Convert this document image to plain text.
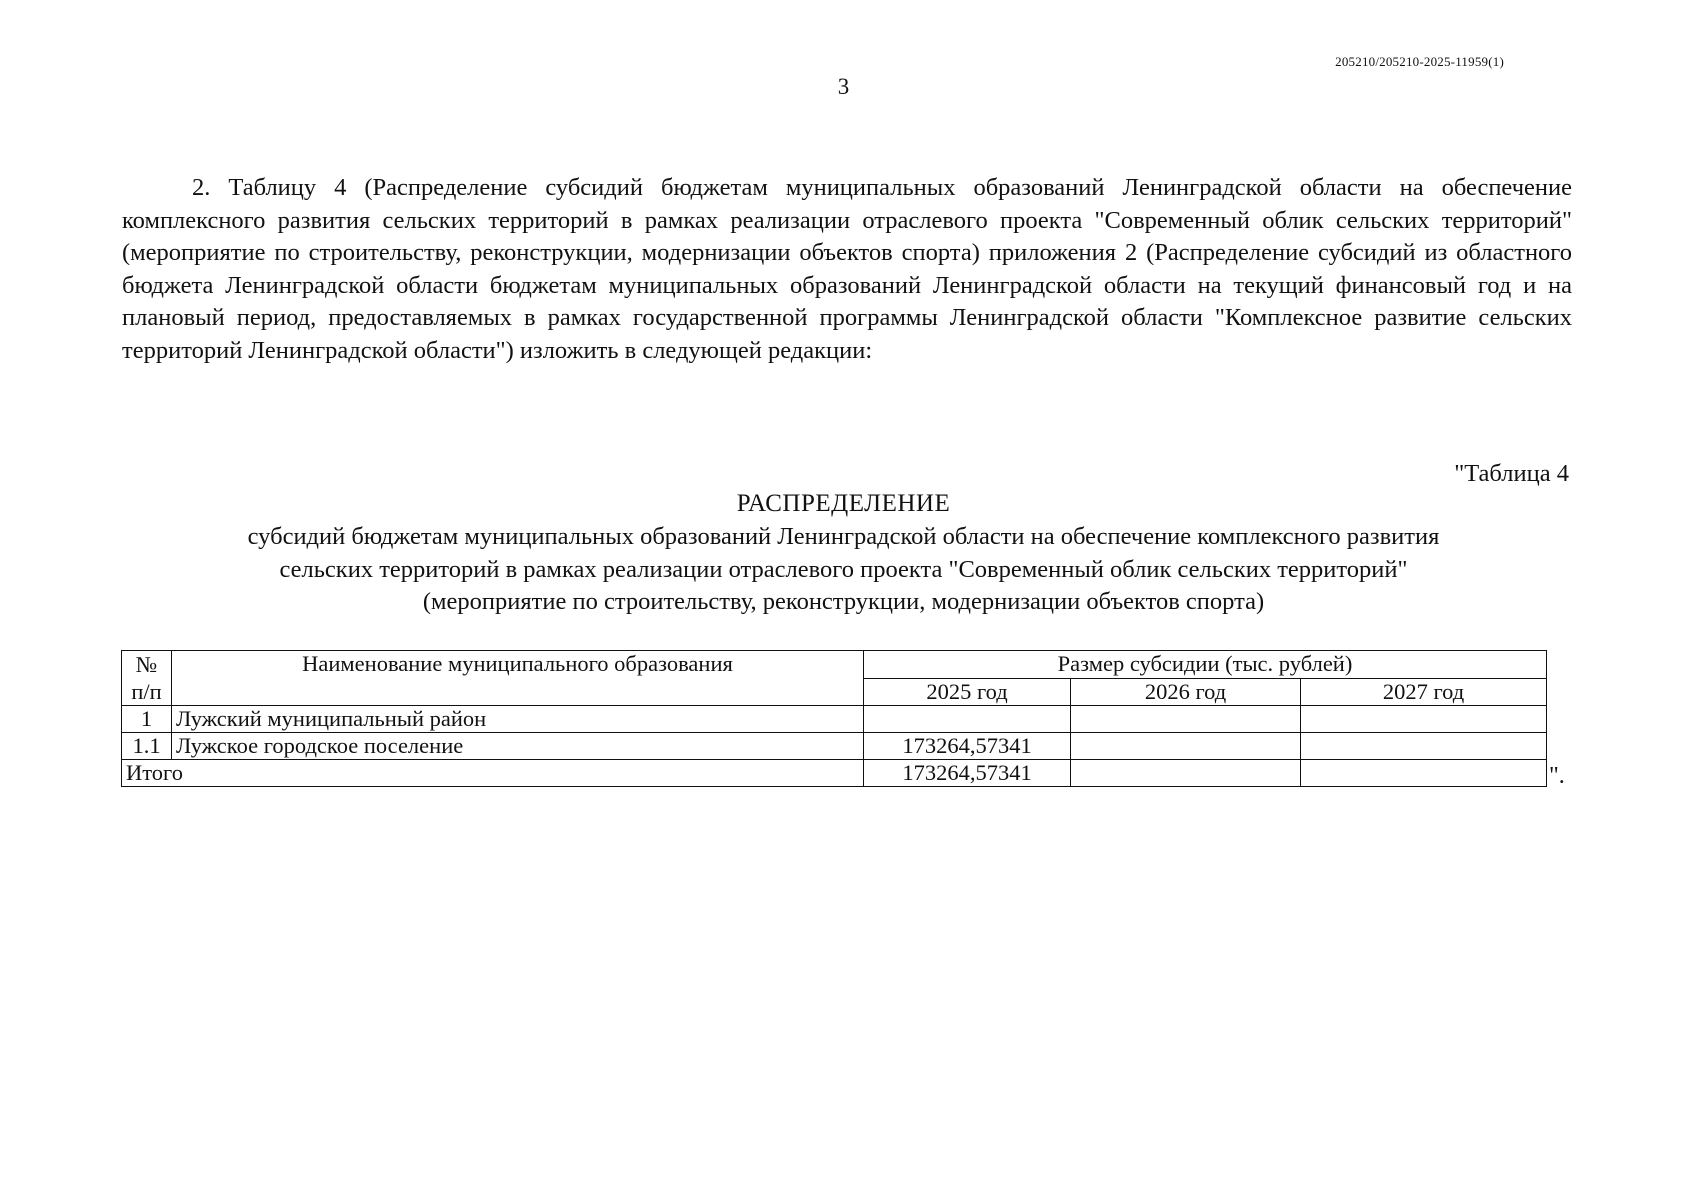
205210/205210-2025-11959(1)
3
2. Таблицу 4 (Распределение субсидий бюджетам муниципальных образований Ленинградской области на обеспечение комплексного развития сельских территорий в рамках реализации отраслевого проекта "Современный облик сельских территорий" (мероприятие по строительству, реконструкции, модернизации объектов спорта) приложения 2 (Распределение субсидий из областного бюджета Ленинградской области бюджетам муниципальных образований Ленинградской области на текущий финансовый год и на плановый период, предоставляемых в рамках государственной программы Ленинградской области "Комплексное развитие сельских территорий Ленинградской области") изложить в следующей редакции:
"Таблица 4
РАСПРЕДЕЛЕНИЕ
субсидий бюджетам муниципальных образований Ленинградской области на обеспечение комплексного развития
сельских территорий в рамках реализации отраслевого проекта "Современный облик сельских территорий"
(мероприятие по строительству, реконструкции, модернизации объектов спорта)
№
п/п	Наименование муниципального образования	Размер субсидии (тыс. рублей)		
		2025 год	2026 год	2027 год
1	Лужский муниципальный район			
1.1	Лужское городское поселение	173264,57341		
Итого		173264,57341			".
